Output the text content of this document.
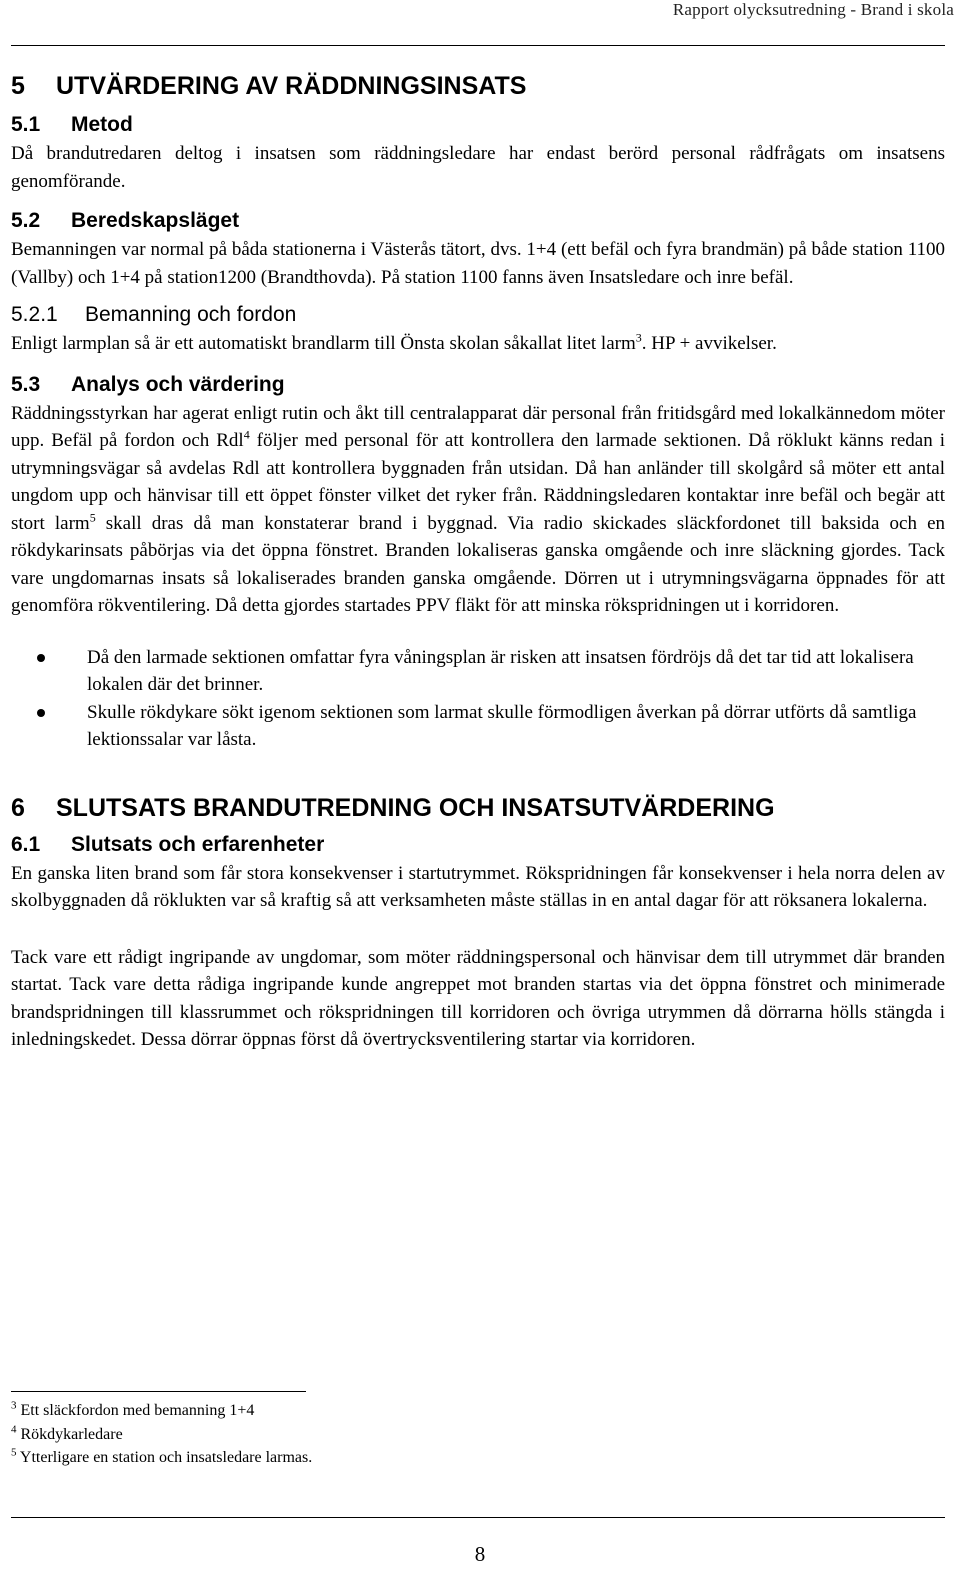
Rapport olycksutredning - Brand i skola
5 UTVÄRDERING AV RÄDDNINGSINSATS
5.1 Metod

Då brandutredaren deltog i insatsen som räddningsledare har endast berörd personal rådfrågats om insatsens genomförande.

5.2 Beredskapsläget

Bemanningen var normal på båda stationerna i Västerås tätort, dvs. 1+4 (ett befäl och fyra brandmän) på både station 1100 (Vallby) och 1+4 på station1200 (Brandthovda). På station 1100 fanns även Insatsledare och inre befäl.

5.2.1 Bemanning och fordon

Enligt larmplan så är ett automatiskt brandlarm till Önsta skolan såkallat litet larm$^3$. HP + avvikelser.

5.3 Analys och värdering

Räddningsstyrkan har agerat enligt rutin och åkt till centralapparat där personal från fritidsgård med lokalkännedom möter upp. Befäl på fordon och Rdl$^4$ följer med personal för att kontrollera den larmade sektionen. Då röklukt känns redan i utrymningsvägar så avdelas Rdl att kontrollera byggnaden från utsidan. Då han anländer till skolgård så möter ett antal ungdom upp och hänvisar till ett öppet fönster vilket det ryker från. Räddningsledaren kontaktar inre befäl och begär att stort larm$^5$ skall dras då man konstaterar brand i byggnad. Via radio skickades släckfordonet till baksida och en rökdykarinsats påbörjas via det öppna fönstret. Branden lokaliseras ganska omgående och inre släckning gjordes. Tack vare ungdomarnas insats så lokaliserades branden ganska omgående. Dörren ut i utrymningsvägarna öppnades för att genomföra rökventilering. Då detta gjordes startades PPV fläkt för att minska rökspridningen ut i korridoren.

Då den larmade sektionen omfattar fyra våningsplan är risken att insatsen fördröjs då det tar tid att lokalisera lokalen där det brinner.
Skulle rökdykare sökt igenom sektionen som larmat skulle förmodligen åverkan på dörrar utförts då samtliga lektionssalar var låsta.
6 SLUTSATS BRANDUTREDNING OCH INSATSUTVÄRDERING
6.1 Slutsats och erfarenheter

En ganska liten brand som får stora konsekvenser i startutrymmet. Rökspridningen får konsekvenser i hela norra delen av skolbyggnaden då röklukten var så kraftig så att verksamheten måste ställas in en antal dagar för att röksanera lokalerna.

Tack vare ett rådigt ingripande av ungdomar, som möter räddningspersonal och hänvisar dem till utrymmet där branden startat. Tack vare detta rådiga ingripande kunde angreppet mot branden startas via det öppna fönstret och minimerade brandspridningen till klassrummet och rökspridningen till korridoren och övriga utrymmen då dörrarna hölls stängda i inledningskedet. Dessa dörrar öppnas först då övertrycksventilering startar via korridoren.

$^3$ Ett släckfordon med bemanning 1+4
$^4$ Rökdykarledare
$^5$ Ytterligare en station och insatsledare larmas.
8
